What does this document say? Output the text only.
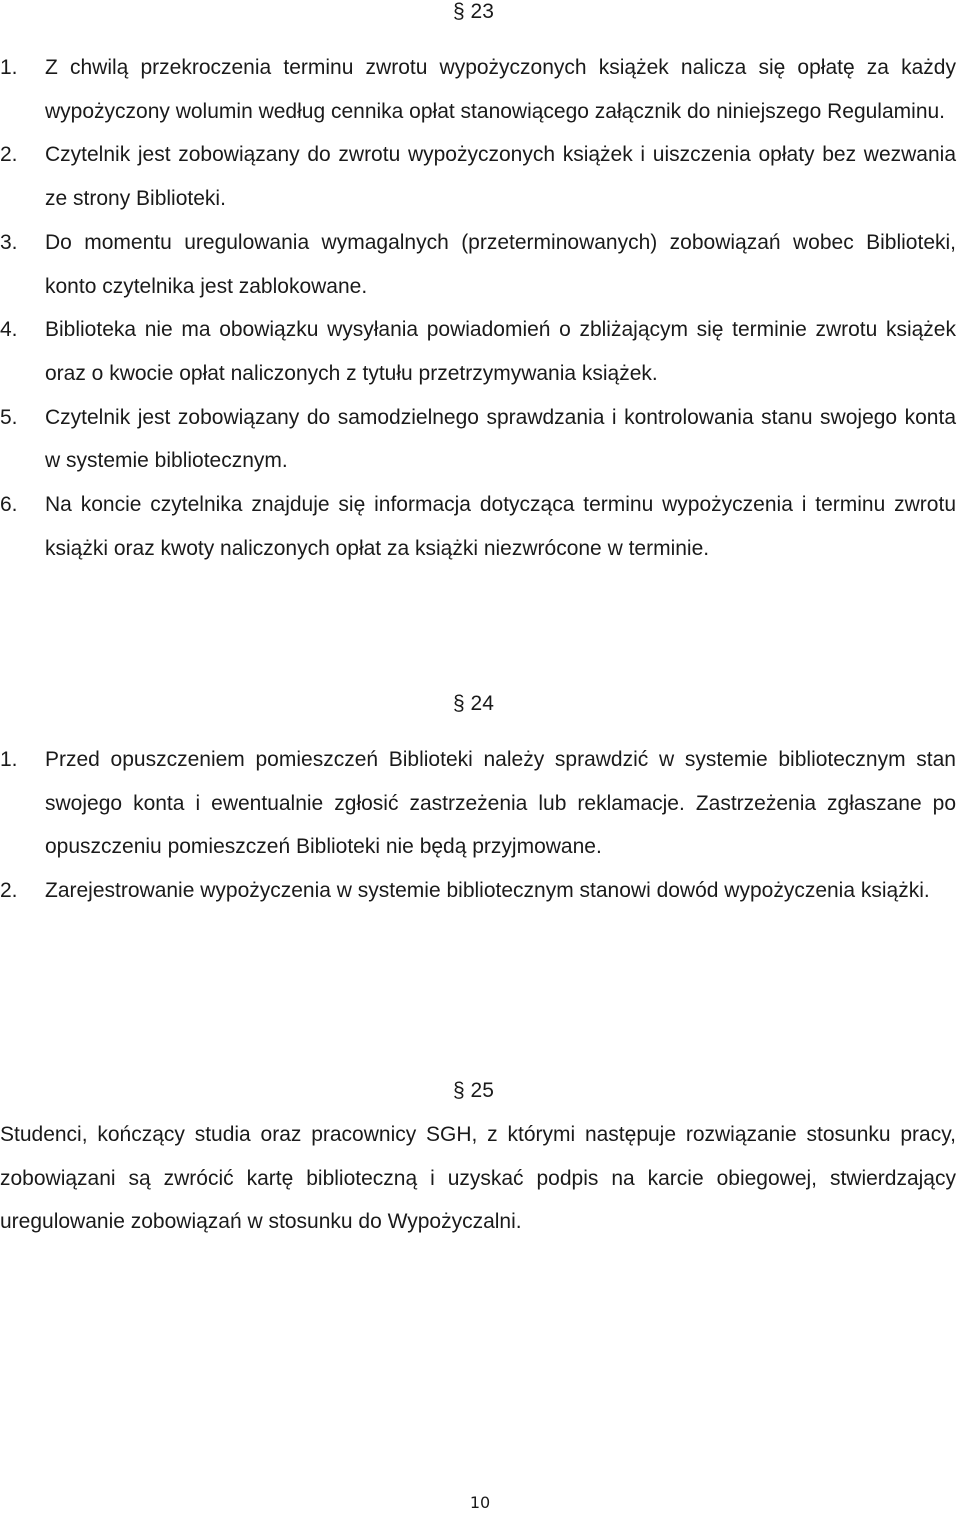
§ 23
1. Z chwilą przekroczenia terminu zwrotu wypożyczonych książek nalicza się opłatę za każdy wypożyczony wolumin według cennika opłat stanowiącego załącznik do niniejszego Regulaminu.
2. Czytelnik jest zobowiązany do zwrotu wypożyczonych książek i uiszczenia opłaty bez wezwania ze strony Biblioteki.
3. Do momentu uregulowania wymagalnych (przeterminowanych) zobowiązań wobec Biblioteki, konto czytelnika jest zablokowane.
4. Biblioteka nie ma obowiązku wysyłania powiadomień o zbliżającym się terminie zwrotu książek oraz o kwocie opłat naliczonych z tytułu przetrzymywania książek.
5. Czytelnik jest zobowiązany do samodzielnego sprawdzania i kontrolowania stanu swojego konta w systemie bibliotecznym.
6. Na koncie czytelnika znajduje się informacja dotycząca terminu wypożyczenia i terminu zwrotu książki oraz kwoty naliczonych opłat za książki niezwrócone w terminie.
§ 24
1. Przed opuszczeniem pomieszczeń Biblioteki należy sprawdzić w systemie bibliotecznym stan swojego konta i ewentualnie zgłosić zastrzeżenia lub reklamacje. Zastrzeżenia zgłaszane po opuszczeniu pomieszczeń Biblioteki nie będą przyjmowane.
2. Zarejestrowanie wypożyczenia w systemie bibliotecznym stanowi dowód wypożyczenia książki.
§ 25
Studenci, kończący studia oraz pracownicy SGH, z którymi następuje rozwiązanie stosunku pracy, zobowiązani są zwrócić kartę biblioteczną i uzyskać podpis na karcie obiegowej, stwierdzający uregulowanie zobowiązań w stosunku do Wypożyczalni.
10
